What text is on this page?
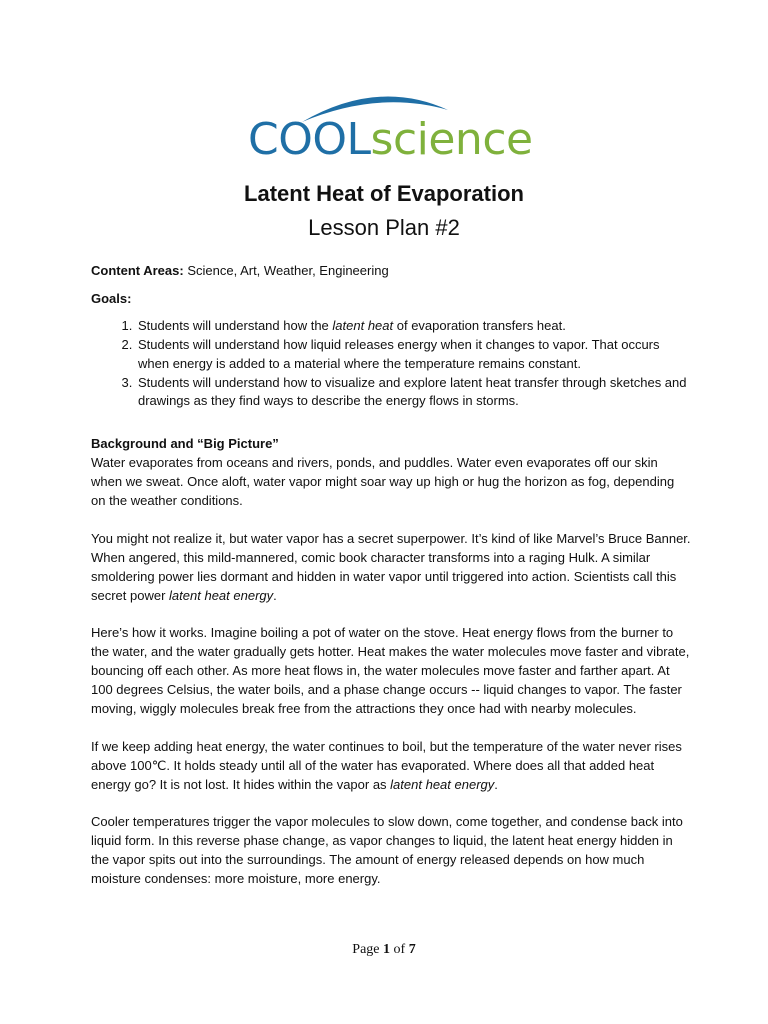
COOLscience
Latent Heat of Evaporation
Lesson Plan #2

Content Areas: Science, Art, Weather, Engineering

Goals:

1. Students will understand how the latent heat of evaporation transfers heat.
2. Students will understand how liquid releases energy when it changes to vapor. That occurs when energy is added to a material where the temperature remains constant.
3. Students will understand how to visualize and explore latent heat transfer through sketches and drawings as they find ways to describe the energy flows in storms.

Background and “Big Picture”

Water evaporates from oceans and rivers, ponds, and puddles. Water even evaporates off our skin when we sweat. Once aloft, water vapor might soar way up high or hug the horizon as fog, depending on the weather conditions.

You might not realize it, but water vapor has a secret superpower. It’s kind of like Marvel’s Bruce Banner. When angered, this mild-mannered, comic book character transforms into a raging Hulk. A similar smoldering power lies dormant and hidden in water vapor until triggered into action. Scientists call this secret power latent heat energy.

Here’s how it works. Imagine boiling a pot of water on the stove. Heat energy flows from the burner to the water, and the water gradually gets hotter. Heat makes the water molecules move faster and vibrate, bouncing off each other. As more heat flows in, the water molecules move faster and farther apart. At 100 degrees Celsius, the water boils, and a phase change occurs -- liquid changes to vapor. The faster moving, wiggly molecules break free from the attractions they once had with nearby molecules.

If we keep adding heat energy, the water continues to boil, but the temperature of the water never rises above 100℃. It holds steady until all of the water has evaporated. Where does all that added heat energy go? It is not lost. It hides within the vapor as latent heat energy.

Cooler temperatures trigger the vapor molecules to slow down, come together, and condense back into liquid form. In this reverse phase change, as vapor changes to liquid, the latent heat energy hidden in the vapor spits out into the surroundings. The amount of energy released depends on how much moisture condenses: more moisture, more energy.

Page 1 of 7
